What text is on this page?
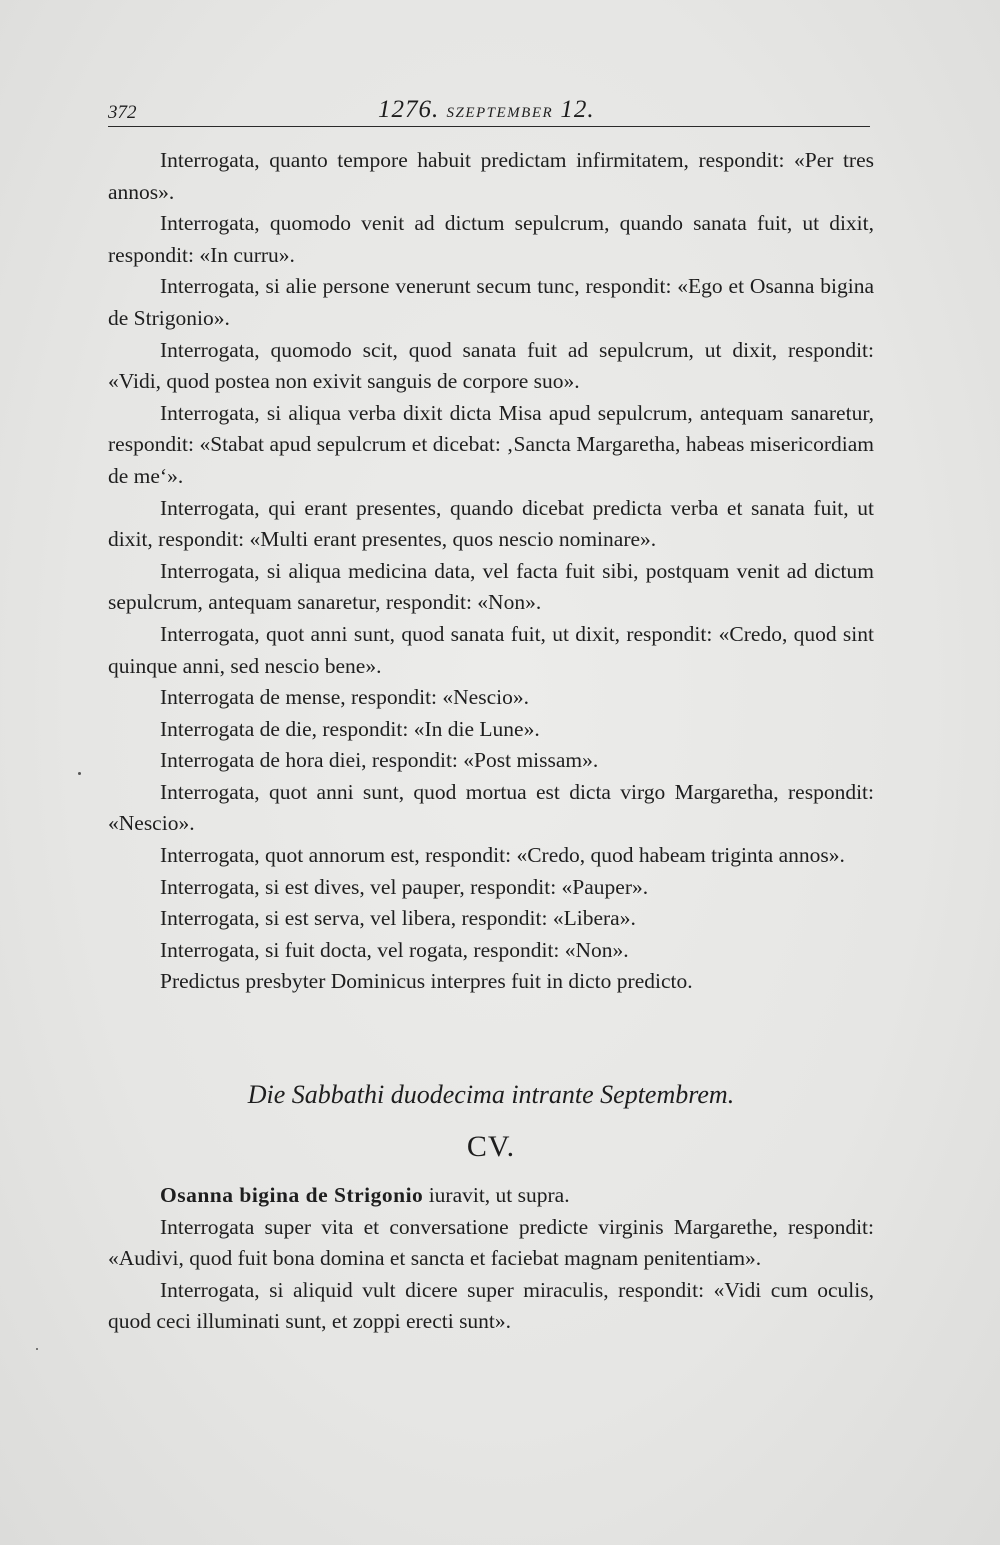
372	1276. SZEPTEMBER 12.

Interrogata, quanto tempore habuit predictam infirmitatem, respondit: «Per tres annos».

Interrogata, quomodo venit ad dictum sepulcrum, quando sanata fuit, ut dixit, respondit: «In curru».

Interrogata, si alie persone venerunt secum tunc, respondit: «Ego et Osanna bigina de Strigonio».

Interrogata, quomodo scit, quod sanata fuit ad sepulcrum, ut dixit, respondit: «Vidi, quod postea non exivit sanguis de corpore suo».

Interrogata, si aliqua verba dixit dicta Misa apud sepulcrum, antequam sanaretur, respondit: «Stabat apud sepulcrum et dicebat: ‚Sancta Margaretha, habeas misericordiam de me‘».

Interrogata, qui erant presentes, quando dicebat predicta verba et sanata fuit, ut dixit, respondit: «Multi erant presentes, quos nescio nominare».

Interrogata, si aliqua medicina data, vel facta fuit sibi, postquam venit ad dictum sepulcrum, antequam sanaretur, respondit: «Non».

Interrogata, quot anni sunt, quod sanata fuit, ut dixit, respondit: «Credo, quod sint quinque anni, sed nescio bene».

Interrogata de mense, respondit: «Nescio».

Interrogata de die, respondit: «In die Lune».

Interrogata de hora diei, respondit: «Post missam».

Interrogata, quot anni sunt, quod mortua est dicta virgo Margaretha, respondit: «Nescio».

Interrogata, quot annorum est, respondit: «Credo, quod habeam triginta annos».

Interrogata, si est dives, vel pauper, respondit: «Pauper».

Interrogata, si est serva, vel libera, respondit: «Libera».

Interrogata, si fuit docta, vel rogata, respondit: «Non».

Predictus presbyter Dominicus interpres fuit in dicto predicto.

Die Sabbathi duodecima intrante Septembrem.
CV.

Osanna bigina de Strigonio iuravit, ut supra.

Interrogata super vita et conversatione predicte virginis Margarethe, respondit: «Audivi, quod fuit bona domina et sancta et faciebat magnam penitentiam».

Interrogata, si aliquid vult dicere super miraculis, respondit: «Vidi cum oculis, quod ceci illuminati sunt, et zoppi erecti sunt».
